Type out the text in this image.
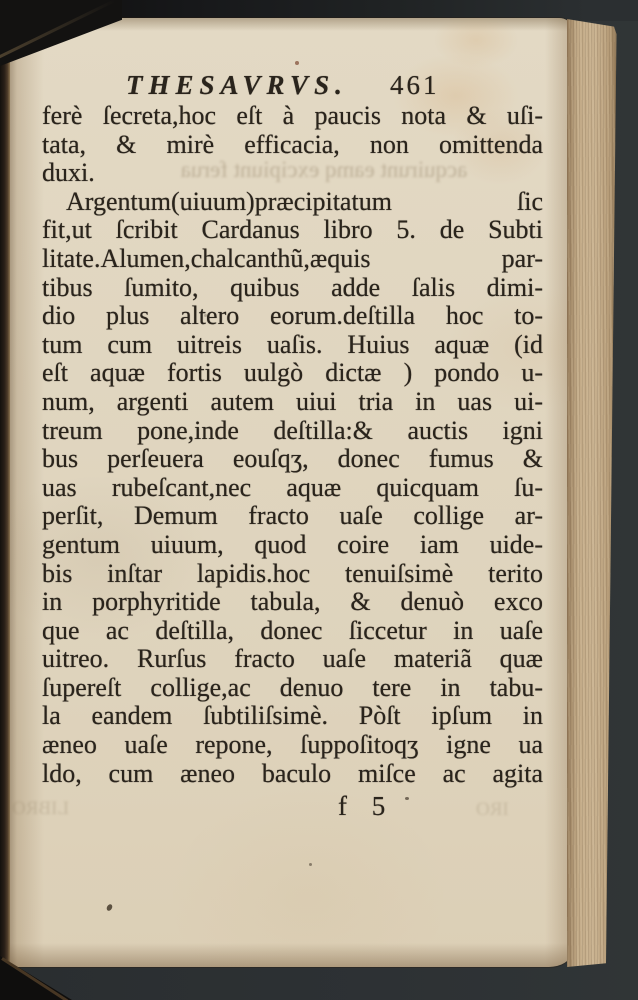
acquirunt eamq excipiunt ferua
LIBRO	IRO
THESAVRVS. 461
ferè ſecreta,hoc eſt à paucis nota & uſi-
tata, & mirè efficacia, non omittenda
duxi.
Argentum(uiuum)præcipitatum ſic
fit,ut ſcribit Cardanus libro 5. de Subti
litate.Alumen,chalcanthũ,æquis par-
tibus ſumito, quibus adde ſalis dimi-
dio plus altero eorum.deſtilla hoc to-
tum cum uitreis uaſis. Huius aquæ (id
eſt aquæ fortis uulgò dictæ ) pondo u-
num, argenti autem uiui tria in uas ui-
treum pone,inde deſtilla:& auctis igni
bus perſeuera eouſqʒ, donec fumus &
uas rubeſcant,nec aquæ quicquam ſu-
perſit, Demum fracto uaſe collige ar-
gentum uiuum, quod coire iam uide-
bis inſtar lapidis.hoc tenuiſsimè terito
in porphyritide tabula, & denuò exco
que ac deſtilla, donec ſiccetur in uaſe
uitreo. Rurſus fracto uaſe materiã quæ
ſupereſt collige,ac denuo tere in tabu-
la eandem ſubtiliſsimè. Pòſt ipſum in
æneo uaſe repone, ſuppoſitoqʒ igne ua
ldo, cum æneo baculo miſce ac agita
f 5
